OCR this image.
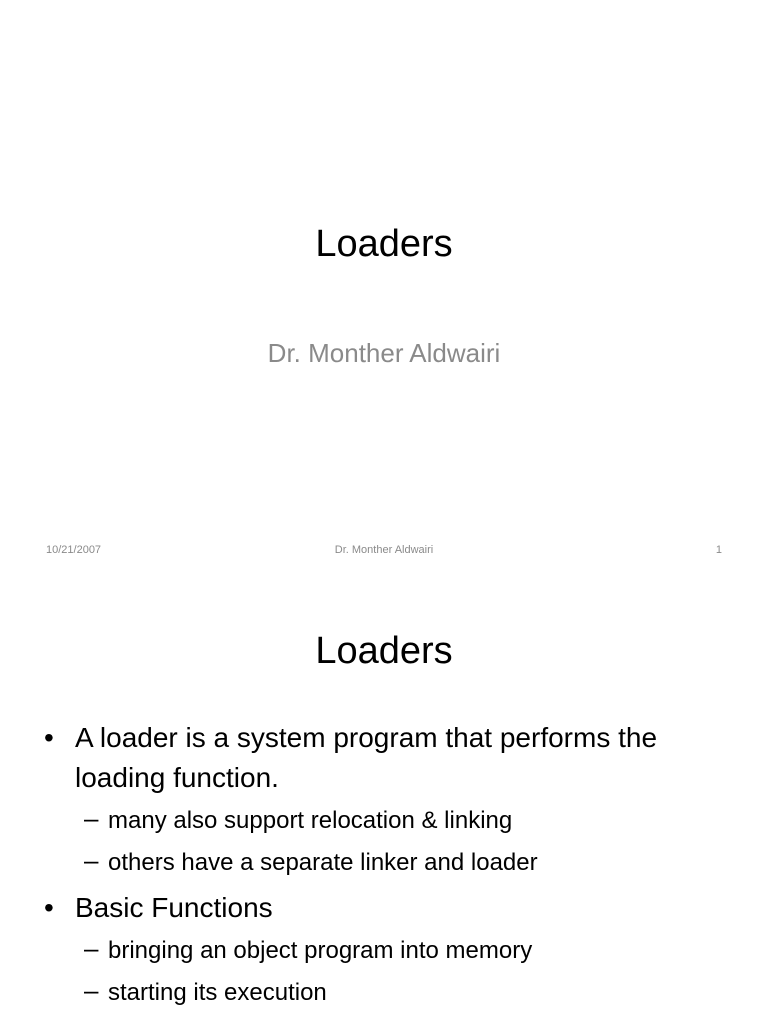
Loaders
Dr. Monther Aldwairi
10/21/2007	Dr. Monther Aldwairi	1
Loaders
• A loader is a system program that performs the loading function.
– many also support relocation & linking
– others have a separate linker and loader
• Basic Functions
– bringing an object program into memory
– starting its execution
